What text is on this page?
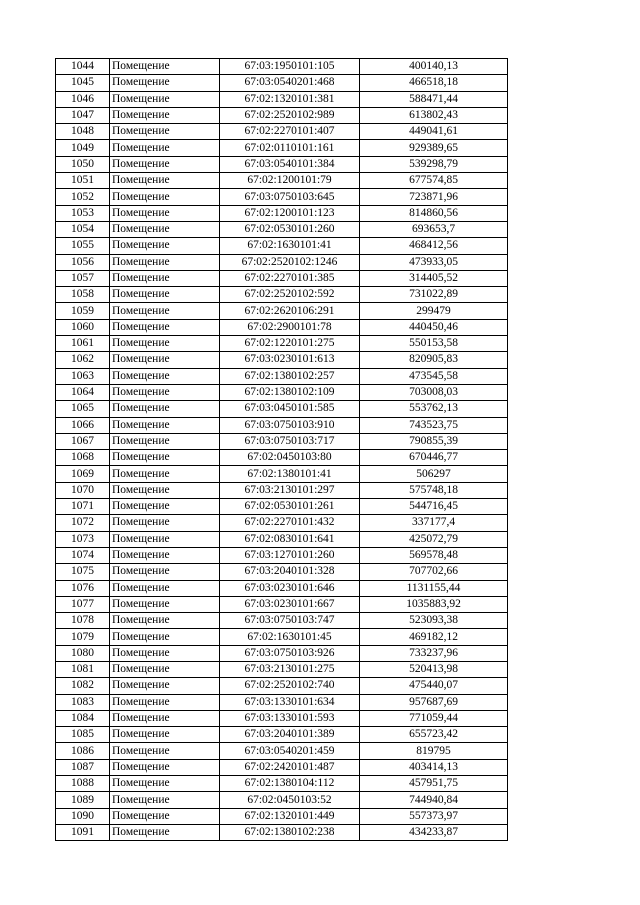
1044	Помещение	67:03:1950101:105	400140,13
1045	Помещение	67:03:0540201:468	466518,18
1046	Помещение	67:02:1320101:381	588471,44
1047	Помещение	67:02:2520102:989	613802,43
1048	Помещение	67:02:2270101:407	449041,61
1049	Помещение	67:02:0110101:161	929389,65
1050	Помещение	67:03:0540101:384	539298,79
1051	Помещение	67:02:1200101:79	677574,85
1052	Помещение	67:03:0750103:645	723871,96
1053	Помещение	67:02:1200101:123	814860,56
1054	Помещение	67:02:0530101:260	693653,7
1055	Помещение	67:02:1630101:41	468412,56
1056	Помещение	67:02:2520102:1246	473933,05
1057	Помещение	67:02:2270101:385	314405,52
1058	Помещение	67:02:2520102:592	731022,89
1059	Помещение	67:02:2620106:291	299479
1060	Помещение	67:02:2900101:78	440450,46
1061	Помещение	67:02:1220101:275	550153,58
1062	Помещение	67:03:0230101:613	820905,83
1063	Помещение	67:02:1380102:257	473545,58
1064	Помещение	67:02:1380102:109	703008,03
1065	Помещение	67:03:0450101:585	553762,13
1066	Помещение	67:03:0750103:910	743523,75
1067	Помещение	67:03:0750103:717	790855,39
1068	Помещение	67:02:0450103:80	670446,77
1069	Помещение	67:02:1380101:41	506297
1070	Помещение	67:03:2130101:297	575748,18
1071	Помещение	67:02:0530101:261	544716,45
1072	Помещение	67:02:2270101:432	337177,4
1073	Помещение	67:02:0830101:641	425072,79
1074	Помещение	67:03:1270101:260	569578,48
1075	Помещение	67:03:2040101:328	707702,66
1076	Помещение	67:03:0230101:646	1131155,44
1077	Помещение	67:03:0230101:667	1035883,92
1078	Помещение	67:03:0750103:747	523093,38
1079	Помещение	67:02:1630101:45	469182,12
1080	Помещение	67:03:0750103:926	733237,96
1081	Помещение	67:03:2130101:275	520413,98
1082	Помещение	67:02:2520102:740	475440,07
1083	Помещение	67:03:1330101:634	957687,69
1084	Помещение	67:03:1330101:593	771059,44
1085	Помещение	67:03:2040101:389	655723,42
1086	Помещение	67:03:0540201:459	819795
1087	Помещение	67:02:2420101:487	403414,13
1088	Помещение	67:02:1380104:112	457951,75
1089	Помещение	67:02:0450103:52	744940,84
1090	Помещение	67:02:1320101:449	557373,97
1091	Помещение	67:02:1380102:238	434233,87
